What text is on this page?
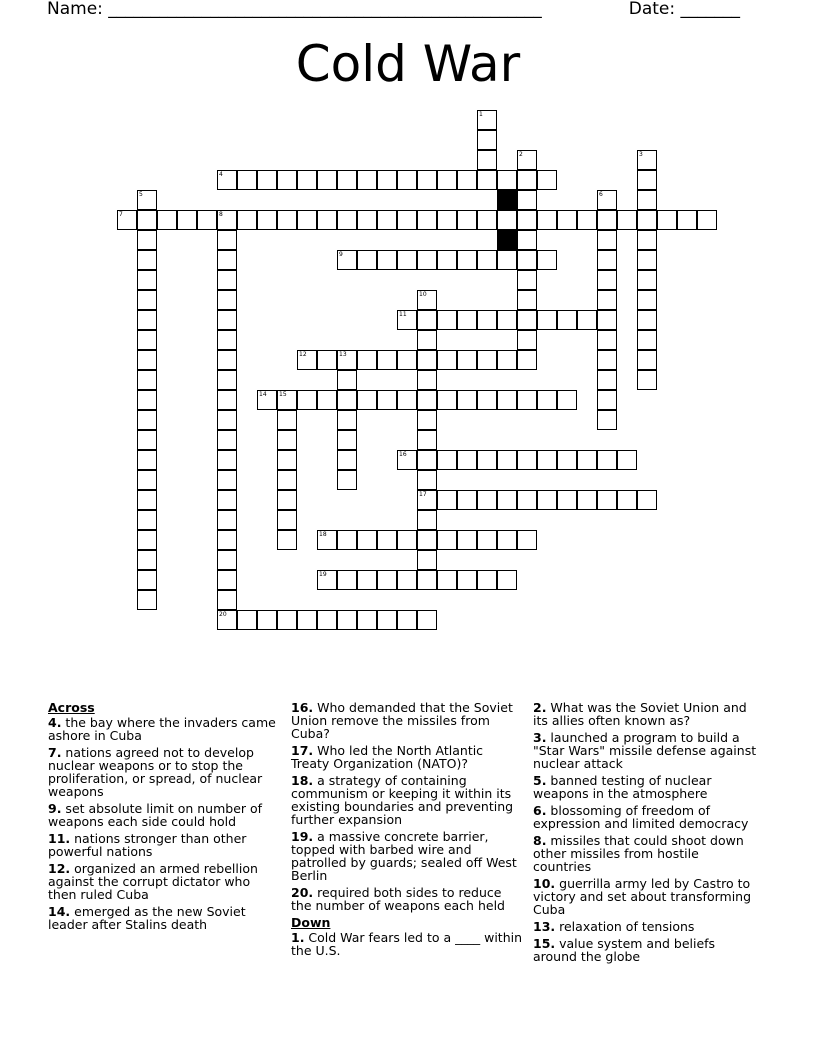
Name: ___________________________________________________	Date: _______
Cold War
4
7	8
9
11
12	13
14 15
16
17
18
19
20
1
2	3
5	6
10
Across
4. the bay where the invaders came ashore in Cuba
7. nations agreed not to develop nuclear weapons or to stop the proliferation, or spread, of nuclear weapons
9. set absolute limit on number of weapons each side could hold
11. nations stronger than other powerful nations
12. organized an armed rebellion against the corrupt dictator who then ruled Cuba
14. emerged as the new Soviet leader after Stalins death
16. Who demanded that the Soviet Union remove the missiles from Cuba?
17. Who led the North Atlantic Treaty Organization (NATO)?
18. a strategy of containing communism or keeping it within its existing boundaries and preventing further expansion
19. a massive concrete barrier, topped with barbed wire and patrolled by guards; sealed off West Berlin
20. required both sides to reduce the number of weapons each held
Down
1. Cold War fears led to a ____ within the U.S.
2. What was the Soviet Union and its allies often known as?
3. launched a program to build a "Star Wars" missile defense against nuclear attack
5. banned testing of nuclear weapons in the atmosphere
6. blossoming of freedom of expression and limited democracy
8. missiles that could shoot down other missiles from hostile countries
10. guerrilla army led by Castro to victory and set about transforming Cuba
13. relaxation of tensions
15. value system and beliefs around the globe
